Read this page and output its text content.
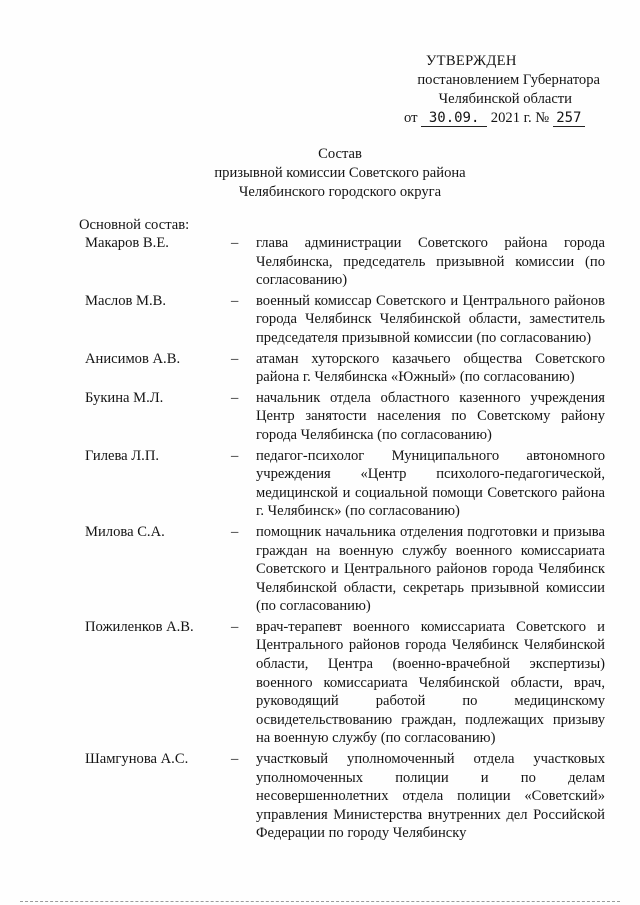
УТВЕРЖДЕН
постановлением Губернатора
Челябинской области
от 30.09. 2021 г. № 257
Состав
призывной комиссии Советского района
Челябинского городского округа
Основной состав:
Макаров В.Е.	– глава администрации Советского района города Челябинска, председатель призывной комиссии (по согласованию)
Маслов М.В.	– военный комиссар Советского и Центрального районов города Челябинск Челябинской области, заместитель председателя призывной комиссии (по согласованию)
Анисимов А.В.	– атаман хуторского казачьего общества Советского района г. Челябинска «Южный» (по согласованию)
Букина М.Л.	– начальник отдела областного казенного учреждения Центр занятости населения по Советскому району города Челябинска (по согласованию)
Гилева Л.П.	– педагог-психолог Муниципального автономного учреждения «Центр психолого-педагогической, медицинской и социальной помощи Советского района г. Челябинск» (по согласованию)
Милова С.А.	– помощник начальника отделения подготовки и призыва граждан на военную службу военного комиссариата Советского и Центрального районов города Челябинск Челябинской области, секретарь призывной комиссии (по согласованию)
Пожиленков А.В.	– врач-терапевт военного комиссариата Советского и Центрального районов города Челябинск Челябинской области, Центра (военно-врачебной экспертизы) военного комиссариата Челябинской области, врач, руководящий работой по медицинскому освидетельствованию граждан, подлежащих призыву на военную службу (по согласованию)
Шамгунова А.С.	– участковый уполномоченный отдела участковых уполномоченных полиции и по делам несовершеннолетних отдела полиции «Советский» управления Министерства внутренних дел Российской Федерации по городу Челябинску
